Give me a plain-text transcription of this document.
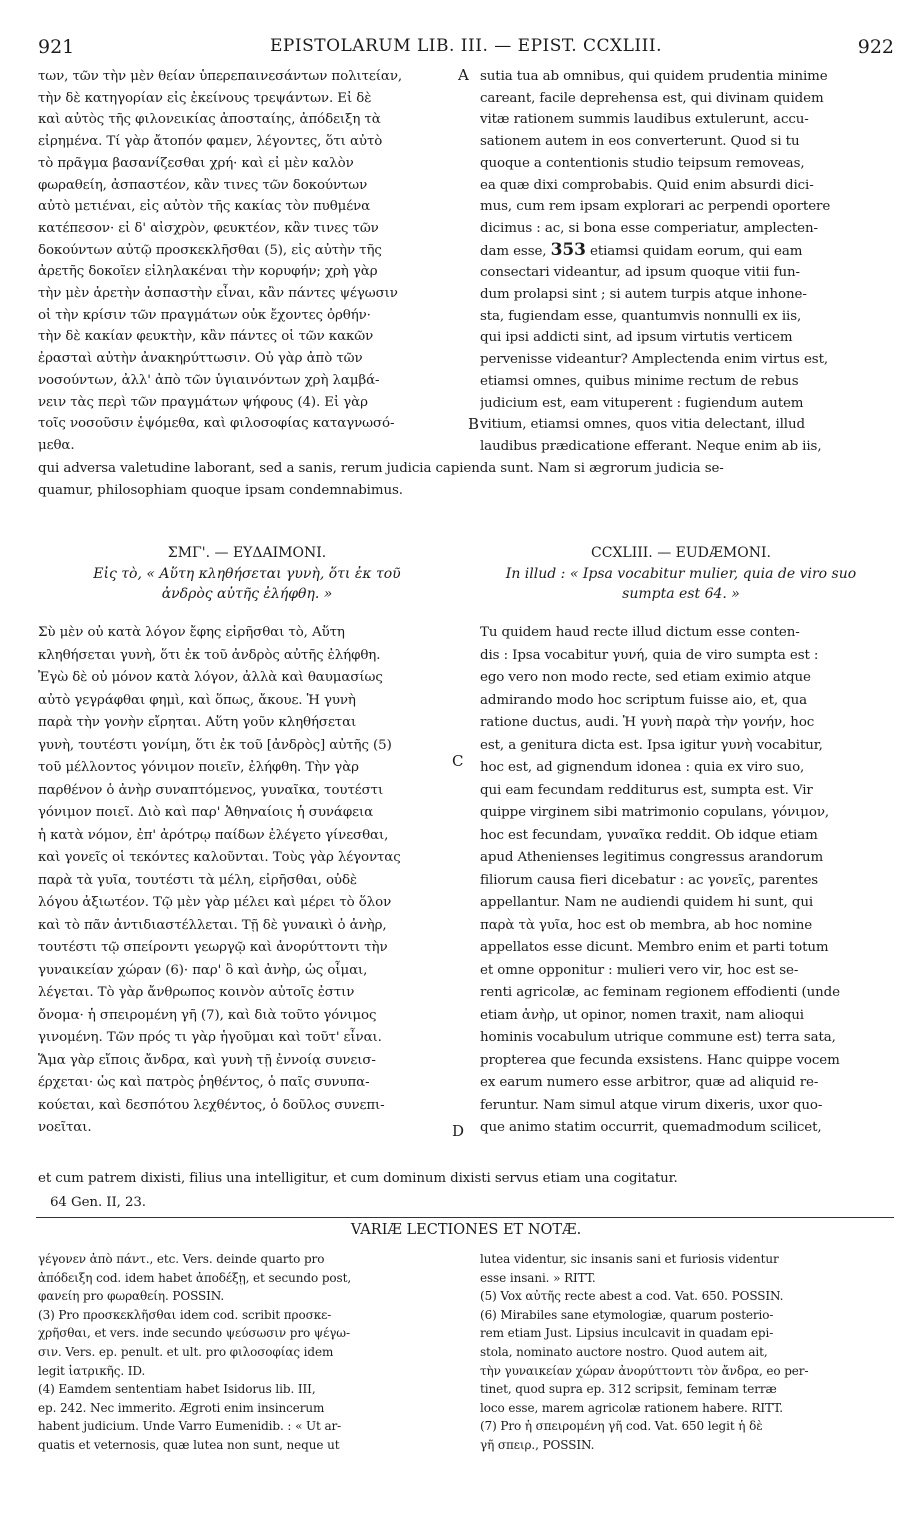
921	EPISTOLARUM LIB. III. — EPIST. CCXLIII.	922
των, τῶν τὴν μὲν θείαν ὑπερεπαινεσάντων πολιτείαν,
τὴν δὲ κατηγορίαν εἰς ἐκείνους τρεψάντων. Εἰ δὲ
καὶ αὐτὸς τῆς φιλονεικίας ἀποσταίης, ἀπόδειξη τὰ
εἰρημένα. Τί γὰρ ἄτοπόν φαμεν, λέγοντες, ὅτι αὐτὸ
τὸ πρᾶγμα βασανίζεσθαι χρή· καὶ εἰ μὲν καλὸν
φωραθείη, ἀσπαστέον, κἂν τινες τῶν δοκούντων
αὐτὸ μετιέναι, εἰς αὐτὸν τῆς κακίας τὸν πυθμένα
κατέπεσον· εἰ δ' αἰσχρὸν, φευκτέον, κἂν τινες τῶν
δοκούντων αὐτῷ προσκεκλῆσθαι (5), εἰς αὐτὴν τῆς
ἀρετῆς δοκοῖεν εἰληλακέναι τὴν κορυφήν; χρὴ γὰρ
τὴν μὲν ἀρετὴν ἀσπαστὴν εἶναι, κἂν πάντες ψέγωσιν
οἱ τὴν κρίσιν τῶν πραγμάτων οὐκ ἔχοντες ὀρθήν·
τὴν δὲ κακίαν φευκτὴν, κἂν πάντες οἱ τῶν κακῶν
ἐρασταὶ αὐτὴν ἀνακηρύττωσιν. Οὐ γὰρ ἀπὸ τῶν
νοσούντων, ἀλλ' ἀπὸ τῶν ὑγιαινόντων χρὴ λαμβά-
νειν τὰς περὶ τῶν πραγμάτων ψήφους (4). Εἰ γὰρ
τοῖς νοσοῦσιν ἑψόμεθα, καὶ φιλοσοφίας καταγνωσό-
μεθα.
sutia tua ab omnibus, qui quidem prudentia minime
careant, facile deprehensa est, qui divinam quidem
vitæ rationem summis laudibus extulerunt, accu-
sationem autem in eos converterunt. Quod si tu
quoque a contentionis studio teipsum removeas,
ea quæ dixi comprobabis. Quid enim absurdi dici-
mus, cum rem ipsam explorari ac perpendi oportere
dicimus : ac, si bona esse comperiatur, amplecten-
dam esse, 353 etiamsi quidam eorum, qui eam
consectari videantur, ad ipsum quoque vitii fun-
dum prolapsi sint ; si autem turpis atque inhone-
sta, fugiendam esse, quantumvis nonnulli ex iis,
qui ipsi addicti sint, ad ipsum virtutis verticem
pervenisse videantur? Amplectenda enim virtus est,
etiamsi omnes, quibus minime rectum de rebus
judicium est, eam vituperent : fugiendum autem
vitium, etiamsi omnes, quos vitia delectant, illud
laudibus prædicatione efferant. Neque enim ab iis,
qui adversa valetudine laborant, sed a sanis, rerum judicia capienda sunt. Nam si ægrorum judicia se-
quamur, philosophiam quoque ipsam condemnabimus.
A
B
C
D
ΣΜΓ'. — ΕΥΔΑΙΜΟΝΙ.
Εἰς τὸ, « Αὕτη κληθήσεται γυνὴ, ὅτι ἐκ τοῦ
ἀνδρὸς αὐτῆς ἐλήφθη. »
CCXLIII. — EUDÆMONI.
In illud : « Ipsa vocabitur mulier, quia de viro suo
sumpta est 64. »
Σὺ μὲν οὐ κατὰ λόγον ἔφης εἰρῆσθαι τὸ, Αὕτη
κληθήσεται γυνὴ, ὅτι ἐκ τοῦ ἀνδρὸς αὐτῆς ἐλήφθη.
Ἐγὼ δὲ οὐ μόνον κατὰ λόγον, ἀλλὰ καὶ θαυμασίως
αὐτὸ γεγράφθαι φημὶ, καὶ ὅπως, ἄκουε. Ἡ γυνὴ
παρὰ τὴν γονὴν εἴρηται. Αὕτη γοῦν κληθήσεται
γυνὴ, τουτέστι γονίμη, ὅτι ἐκ τοῦ [ἀνδρὸς] αὐτῆς (5)
τοῦ μέλλοντος γόνιμον ποιεῖν, ἐλήφθη. Τὴν γὰρ
παρθένον ὁ ἀνὴρ συναπτόμενος, γυναῖκα, τουτέστι
γόνιμον ποιεῖ. Διὸ καὶ παρ' Ἀθηναίοις ἡ συνάφεια
ἡ κατὰ νόμον, ἐπ' ἀρότρῳ παίδων ἐλέγετο γίνεσθαι,
καὶ γονεῖς οἱ τεκόντες καλοῦνται. Τοὺς γὰρ λέγοντας
παρὰ τὰ γυῖα, τουτέστι τὰ μέλη, εἰρῆσθαι, οὐδὲ
λόγου ἀξιωτέον. Τῷ μὲν γὰρ μέλει καὶ μέρει τὸ ὅλον
καὶ τὸ πᾶν ἀντιδιαστέλλεται. Τῇ δὲ γυναικὶ ὁ ἀνὴρ,
τουτέστι τῷ σπείροντι γεωργῷ καὶ ἀνορύττοντι τὴν
γυναικείαν χώραν (6)· παρ' ὃ καὶ ἀνὴρ, ὡς οἶμαι,
λέγεται. Τὸ γὰρ ἄνθρωπος κοινὸν αὐτοῖς ἐστιν
ὄνομα· ἡ σπειρομένη γῆ (7), καὶ διὰ τοῦτο γόνιμος
γινομένη. Τῶν πρός τι γὰρ ἡγοῦμαι καὶ τοῦτ' εἶναι.
Ἅμα γὰρ εἴποις ἄνδρα, καὶ γυνὴ τῇ ἐννοίᾳ συνεισ-
έρχεται· ὡς καὶ πατρὸς ῥηθέντος, ὁ παῖς συνυπα-
κούεται, καὶ δεσπότου λεχθέντος, ὁ δοῦλος συνεπι-
νοεῖται.
Tu quidem haud recte illud dictum esse conten-
dis : Ipsa vocabitur γυνή, quia de viro sumpta est :
ego vero non modo recte, sed etiam eximio atque
admirando modo hoc scriptum fuisse aio, et, qua
ratione ductus, audi. Ἡ γυνὴ παρὰ τὴν γονήν, hoc
est, a genitura dicta est. Ipsa igitur γυνὴ vocabitur,
hoc est, ad gignendum idonea : quia ex viro suo,
qui eam fecundam redditurus est, sumpta est. Vir
quippe virginem sibi matrimonio copulans, γόνιμον,
hoc est fecundam, γυναῖκα reddit. Ob idque etiam
apud Athenienses legitimus congressus arandorum
filiorum causa fieri dicebatur : ac γονεῖς, parentes
appellantur. Nam ne audiendi quidem hi sunt, qui
παρὰ τὰ γυῖα, hoc est ob membra, ab hoc nomine
appellatos esse dicunt. Membro enim et parti totum
et omne opponitur : mulieri vero vir, hoc est se-
renti agricolæ, ac feminam regionem effodienti (unde
etiam ἀνὴρ, ut opinor, nomen traxit, nam alioqui
hominis vocabulum utrique commune est) terra sata,
propterea que fecunda exsistens. Hanc quippe vocem
ex earum numero esse arbitror, quæ ad aliquid re-
feruntur. Nam simul atque virum dixeris, uxor quo-
que animo statim occurrit, quemadmodum scilicet,
et cum patrem dixisti, filius una intelligitur, et cum dominum dixisti servus etiam una cogitatur.
64 Gen. II, 23.
VARIÆ LECTIONES ET NOTÆ.
γέγονεν ἀπὸ πάντ., etc. Vers. deinde quarto pro
ἀπόδειξη cod. idem habet ἀποδέξῃ, et secundo post,
φανείη pro φωραθείη. POSSIN.
(3) Pro προσκεκλῆσθαι idem cod. scribit προσκε-
χρῆσθαι, et vers. inde secundo ψεύσωσιν pro ψέγω-
σιν. Vers. ep. penult. et ult. pro φιλοσοφίας idem
legit ἰατρικῆς. ID.
(4) Eamdem sententiam habet Isidorus lib. III,
ep. 242. Nec immerito. Ægroti enim insincerum
habent judicium. Unde Varro Eumenidib. : « Ut ar-
quatis et veternosis, quæ lutea non sunt, neque ut
lutea videntur, sic insanis sani et furiosis videntur
esse insani. » RITT.
(5) Vox αὐτῆς recte abest a cod. Vat. 650. POSSIN.
(6) Mirabiles sane etymologiæ, quarum posterio-
rem etiam Just. Lipsius inculcavit in quadam epi-
stola, nominato auctore nostro. Quod autem ait,
τὴν γυναικείαν χώραν ἀνορύττοντι τὸν ἄνδρα, eo per-
tinet, quod supra ep. 312 scripsit, feminam terræ
loco esse, marem agricolæ rationem habere. RITT.
(7) Pro ἡ σπειρομένη γῆ cod. Vat. 650 legit ἡ δὲ
γῆ σπειρ., POSSIN.
